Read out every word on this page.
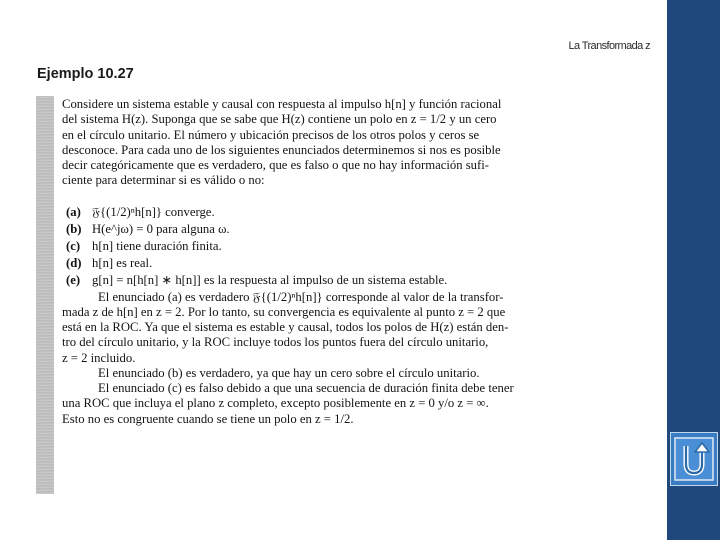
La Transformada z
Ejemplo 10.27

Considere un sistema estable y causal con respuesta al impulso h[n] y función racional
del sistema H(z). Suponga que se sabe que H(z) contiene un polo en z = 1/2 y un cero
en el círculo unitario. El número y ubicación precisos de los otros polos y ceros se
desconoce. Para cada uno de los siguientes enunciados determinemos si nos es posible
decir categóricamente que es verdadero, que es falso o que no hay información sufi-
ciente para determinar si es válido o no:

(a) 𝔉{(1/2)ⁿh[n]} converge.
(b) H(e^jω) = 0 para alguna ω.
(c) h[n] tiene duración finita.
(d) h[n] es real.
(e) g[n] = n[h[n] ∗ h[n]] es la respuesta al impulso de un sistema estable.

El enunciado (a) es verdadero 𝔉{(1/2)ⁿh[n]} corresponde al valor de la transfor-
mada z de h[n] en z = 2. Por lo tanto, su convergencia es equivalente al punto z = 2 que
está en la ROC. Ya que el sistema es estable y causal, todos los polos de H(z) están den-
tro del círculo unitario, y la ROC incluye todos los puntos fuera del círculo unitario,
z = 2 incluido.

El enunciado (b) es verdadero, ya que hay un cero sobre el círculo unitario.

El enunciado (c) es falso debido a que una secuencia de duración finita debe tener
una ROC que incluya el plano z completo, excepto posiblemente en z = 0 y/o z = ∞.
Esto no es congruente cuando se tiene un polo en z = 1/2.
